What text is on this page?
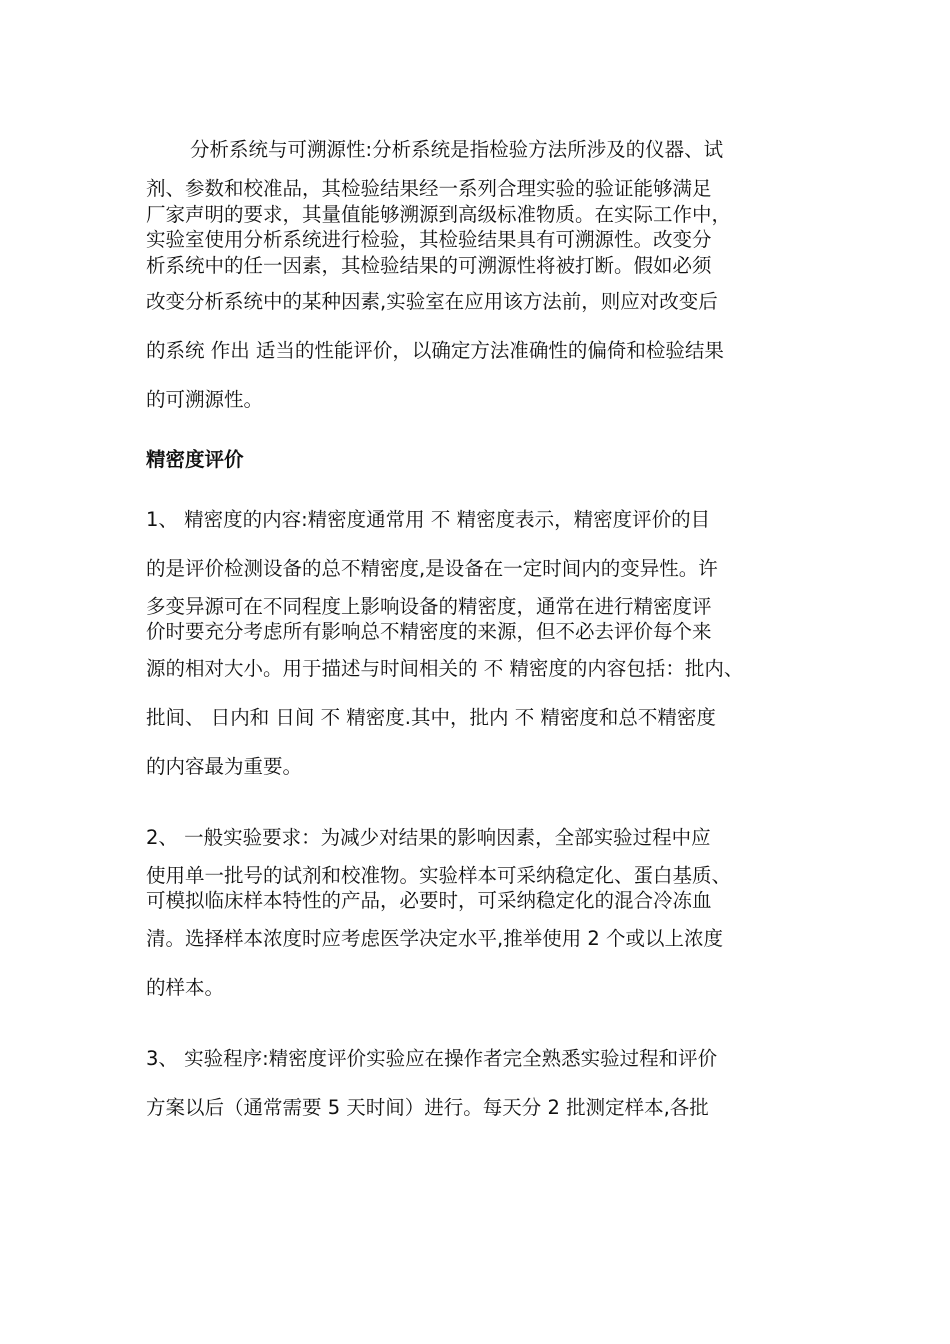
分析系统与可溯源性:分析系统是指检验方法所涉及的仪器、试
剂、参数和校准品，其检验结果经一系列合理实验的验证能够满足
厂家声明的要求，其量值能够溯源到高级标准物质。在实际工作中，
实验室使用分析系统进行检验，其检验结果具有可溯源性。改变分
析系统中的任一因素，其检验结果的可溯源性将被打断。假如必须
改变分析系统中的某种因素,实验室在应用该方法前，则应对改变后
的系统 作出 适当的性能评价，以确定方法准确性的偏倚和检验结果
的可溯源性。
精密度评价
1、 精密度的内容:精密度通常用 不 精密度表示，精密度评价的目
的是评价检测设备的总不精密度,是设备在一定时间内的变异性。许
多变异源可在不同程度上影响设备的精密度，通常在进行精密度评
价时要充分考虑所有影响总不精密度的来源，但不必去评价每个来
源的相对大小。用于描述与时间相关的 不 精密度的内容包括：批内、
批间、 日内和 日间 不 精密度.其中，批内 不 精密度和总不精密度
的内容最为重要。
2、 一般实验要求：为减少对结果的影响因素，全部实验过程中应
使用单一批号的试剂和校准物。实验样本可采纳稳定化、蛋白基质、
可模拟临床样本特性的产品，必要时，可采纳稳定化的混合冷冻血
清。选择样本浓度时应考虑医学决定水平,推举使用 2 个或以上浓度
的样本。
3、 实验程序:精密度评价实验应在操作者完全熟悉实验过程和评价
方案以后（通常需要 5 天时间）进行。每天分 2 批测定样本,各批
